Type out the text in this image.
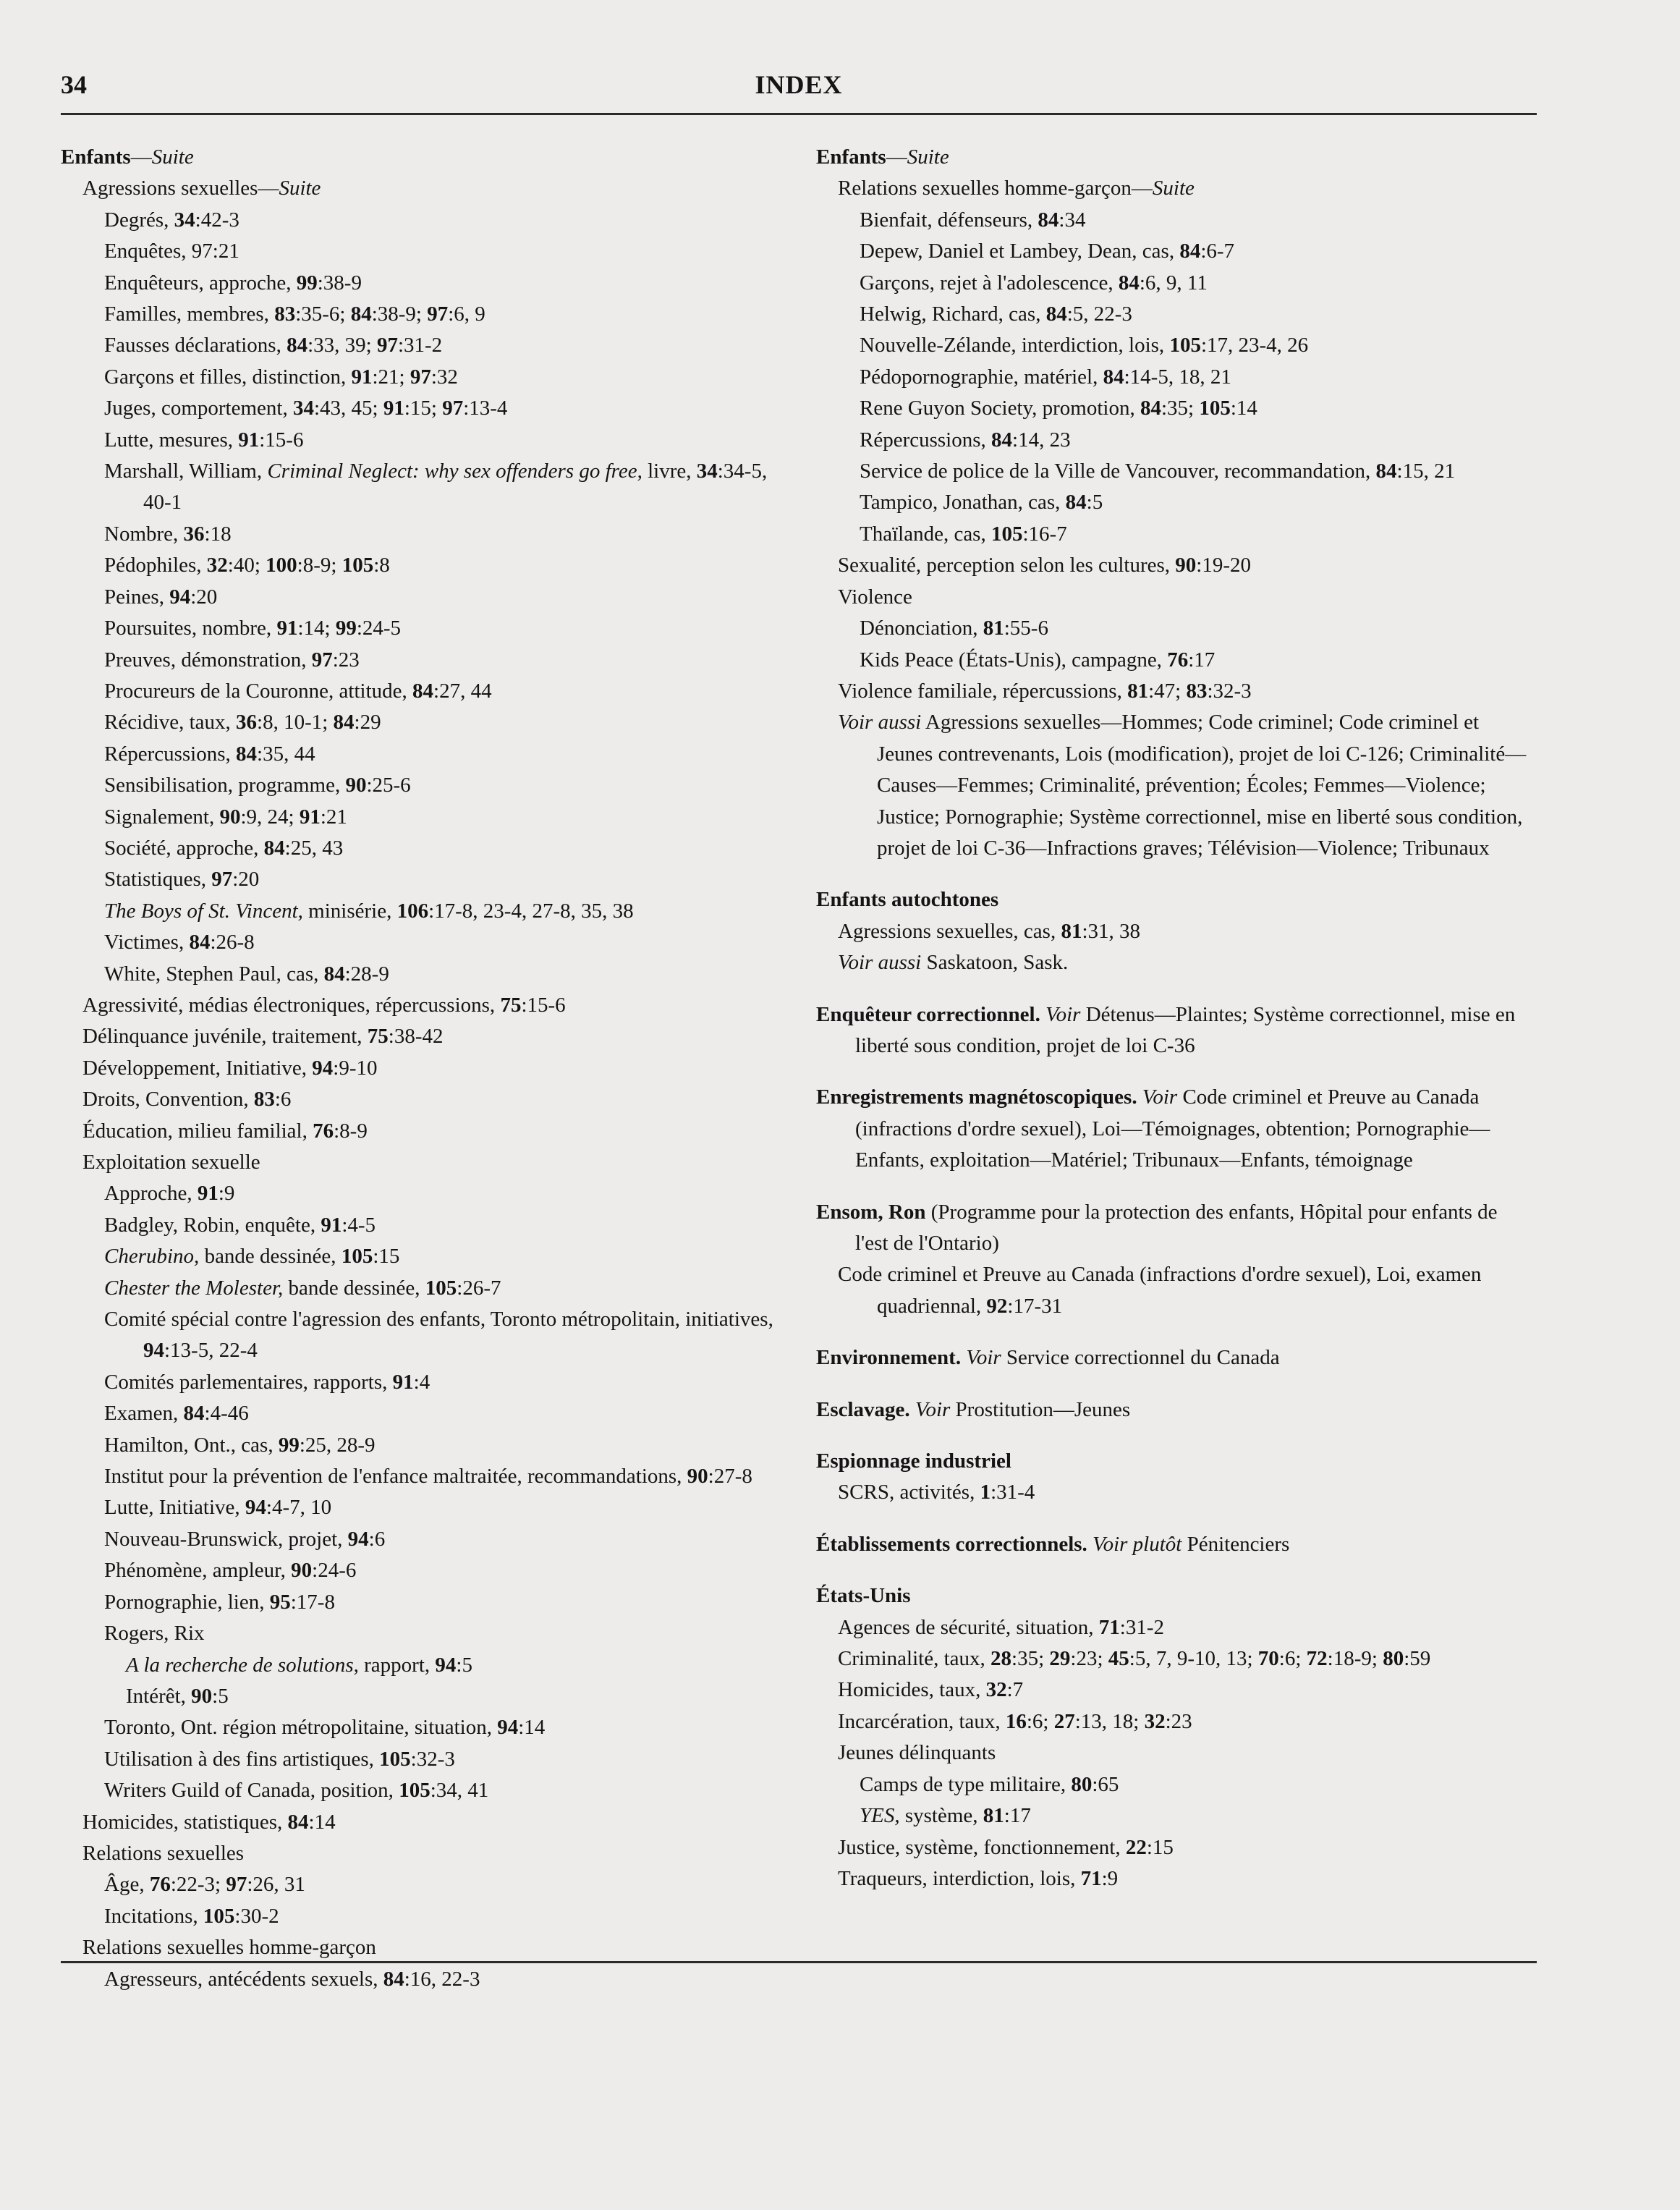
34	INDEX

Enfants—Suite

Agressions sexuelles—Suite

Degrés, 34:42-3

Enquêtes, 97:21

Enquêteurs, approche, 99:38-9

Familles, membres, 83:35-6; 84:38-9; 97:6, 9

Fausses déclarations, 84:33, 39; 97:31-2

Garçons et filles, distinction, 91:21; 97:32

Juges, comportement, 34:43, 45; 91:15; 97:13-4

Lutte, mesures, 91:15-6

Marshall, William, Criminal Neglect: why sex offenders go free, livre, 34:34-5, 40-1

Nombre, 36:18

Pédophiles, 32:40; 100:8-9; 105:8

Peines, 94:20

Poursuites, nombre, 91:14; 99:24-5

Preuves, démonstration, 97:23

Procureurs de la Couronne, attitude, 84:27, 44

Récidive, taux, 36:8, 10-1; 84:29

Répercussions, 84:35, 44

Sensibilisation, programme, 90:25-6

Signalement, 90:9, 24; 91:21

Société, approche, 84:25, 43

Statistiques, 97:20

The Boys of St. Vincent, minisérie, 106:17-8, 23-4, 27-8, 35, 38

Victimes, 84:26-8

White, Stephen Paul, cas, 84:28-9

Agressivité, médias électroniques, répercussions, 75:15-6

Délinquance juvénile, traitement, 75:38-42

Développement, Initiative, 94:9-10

Droits, Convention, 83:6

Éducation, milieu familial, 76:8-9

Exploitation sexuelle

Approche, 91:9

Badgley, Robin, enquête, 91:4-5

Cherubino, bande dessinée, 105:15

Chester the Molester, bande dessinée, 105:26-7

Comité spécial contre l'agression des enfants, Toronto métropolitain, initiatives, 94:13-5, 22-4

Comités parlementaires, rapports, 91:4

Examen, 84:4-46

Hamilton, Ont., cas, 99:25, 28-9

Institut pour la prévention de l'enfance maltraitée, recommandations, 90:27-8

Lutte, Initiative, 94:4-7, 10

Nouveau-Brunswick, projet, 94:6

Phénomène, ampleur, 90:24-6

Pornographie, lien, 95:17-8

Rogers, Rix

A la recherche de solutions, rapport, 94:5

Intérêt, 90:5

Toronto, Ont. région métropolitaine, situation, 94:14

Utilisation à des fins artistiques, 105:32-3

Writers Guild of Canada, position, 105:34, 41

Homicides, statistiques, 84:14

Relations sexuelles

Âge, 76:22-3; 97:26, 31

Incitations, 105:30-2

Relations sexuelles homme-garçon

Agresseurs, antécédents sexuels, 84:16, 22-3

Enfants—Suite

Relations sexuelles homme-garçon—Suite

Bienfait, défenseurs, 84:34

Depew, Daniel et Lambey, Dean, cas, 84:6-7

Garçons, rejet à l'adolescence, 84:6, 9, 11

Helwig, Richard, cas, 84:5, 22-3

Nouvelle-Zélande, interdiction, lois, 105:17, 23-4, 26

Pédopornographie, matériel, 84:14-5, 18, 21

Rene Guyon Society, promotion, 84:35; 105:14

Répercussions, 84:14, 23

Service de police de la Ville de Vancouver, recommandation, 84:15, 21

Tampico, Jonathan, cas, 84:5

Thaïlande, cas, 105:16-7

Sexualité, perception selon les cultures, 90:19-20

Violence

Dénonciation, 81:55-6

Kids Peace (États-Unis), campagne, 76:17

Violence familiale, répercussions, 81:47; 83:32-3

Voir aussi Agressions sexuelles—Hommes; Code criminel; Code criminel et Jeunes contrevenants, Lois (modification), projet de loi C-126; Criminalité—Causes—Femmes; Criminalité, prévention; Écoles; Femmes—Violence; Justice; Pornographie; Système correctionnel, mise en liberté sous condition, projet de loi C-36—Infractions graves; Télévision—Violence; Tribunaux

Enfants autochtones

Agressions sexuelles, cas, 81:31, 38

Voir aussi Saskatoon, Sask.

Enquêteur correctionnel. Voir Détenus—Plaintes; Système correctionnel, mise en liberté sous condition, projet de loi C-36

Enregistrements magnétoscopiques. Voir Code criminel et Preuve au Canada (infractions d'ordre sexuel), Loi—Témoignages, obtention; Pornographie—Enfants, exploitation—Matériel; Tribunaux—Enfants, témoignage

Ensom, Ron (Programme pour la protection des enfants, Hôpital pour enfants de l'est de l'Ontario)

Code criminel et Preuve au Canada (infractions d'ordre sexuel), Loi, examen quadriennal, 92:17-31

Environnement. Voir Service correctionnel du Canada

Esclavage. Voir Prostitution—Jeunes

Espionnage industriel

SCRS, activités, 1:31-4

Établissements correctionnels. Voir plutôt Pénitenciers

États-Unis

Agences de sécurité, situation, 71:31-2

Criminalité, taux, 28:35; 29:23; 45:5, 7, 9-10, 13; 70:6; 72:18-9; 80:59

Homicides, taux, 32:7

Incarcération, taux, 16:6; 27:13, 18; 32:23

Jeunes délinquants

Camps de type militaire, 80:65

YES, système, 81:17

Justice, système, fonctionnement, 22:15

Traqueurs, interdiction, lois, 71:9
